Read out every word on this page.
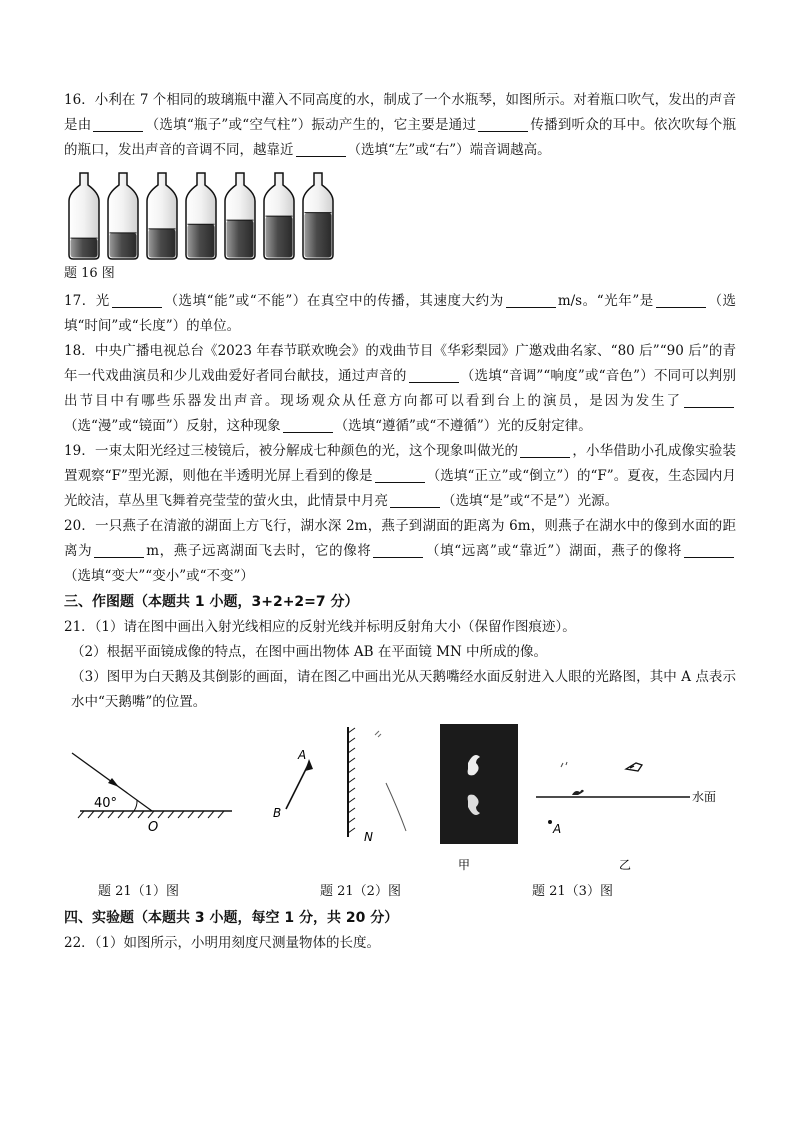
16．小利在 7 个相同的玻璃瓶中灌入不同高度的水，制成了一个水瓶琴，如图所示。对着瓶口吹气，发出的声音是由	（选填“瓶子”或“空气柱”）振动产生的，它主要是通过	传播到听众的耳中。依次吹每个瓶的瓶口，发出声音的音调不同，越靠近	（选填“左”或“右”）端音调越高。

题 16 图

17．光	（选填“能”或“不能”）在真空中的传播，其速度大约为	m/s。“光年”是	（选填“时间”或“长度”）的单位。

18．中央广播电视总台《2023 年春节联欢晚会》的戏曲节目《华彩梨园》广邀戏曲名家、“80 后”“90 后”的青年一代戏曲演员和少儿戏曲爱好者同台献技，通过声音的	（选填“音调”“响度”或“音色”）不同可以判别出节目中有哪些乐器发出声音。现场观众从任意方向都可以看到台上的演员，是因为发生了（选“漫”或“镜面”）反射，这种现象	（选填“遵循”或“不遵循”）光的反射定律。

19．一束太阳光经过三棱镜后，被分解成七种颜色的光，这个现象叫做光的	，小华借助小孔成像实验装置观察“F”型光源，则他在半透明光屏上看到的像是	（选填“正立”或“倒立”）的“F”。夏夜，生态园内月光皎洁，草丛里飞舞着亮莹莹的萤火虫，此情景中月亮	（选填“是”或“不是”）光源。

20．一只燕子在清澈的湖面上方飞行，湖水深 2m，燕子到湖面的距离为 6m，则燕子在湖水中的像到水面的距离为	m，燕子远离湖面飞去时，它的像将	（填“远离”或“靠近”）湖面，燕子的像将（选填“变大”“变小”或“不变”）

三、作图题（本题共 1 小题，3+2+2=7 分）

21．（1）请在图中画出入射光线相应的反射光线并标明反射角大小（保留作图痕迹）。

（2）根据平面镜成像的特点，在图中画出物体 AB 在平面镜 MN 中所成的像。

（3）图甲为白天鹅及其倒影的画面，请在图乙中画出光从天鹅嘴经水面反射进入人眼的光路图，其中 A 点表示水中“天鹅嘴”的位置。

40°
O
A
B
N
甲
水面
A
乙
题 21（1）图	题 21（2）图	题 21（3）图

四、实验题（本题共 3 小题，每空 1 分，共 20 分）

22．（1）如图所示，小明用刻度尺测量物体的长度。
